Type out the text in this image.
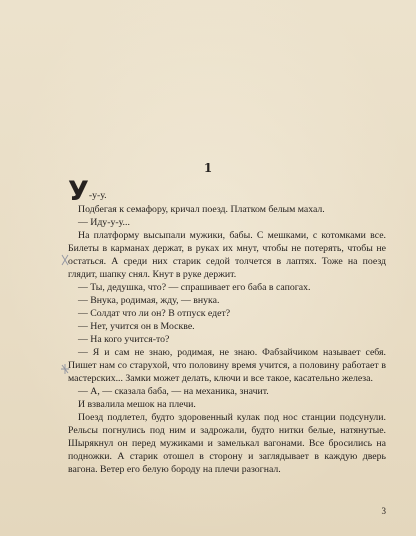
1

У -у-у.

Подбегая к семафору, кричал поезд. Платком белым махал.

— Иду-у-у...

На платформу высыпали мужики, бабы. С мешками, с котомками все. Билеты в карманах держат, в руках их мнут, чтобы не потерять, чтобы не остаться. А среди них старик седой толчется в лаптях. Тоже на поезд глядит, шапку снял. Кнут в руке держит.

— Ты, дедушка, что? — спрашивает его баба в сапогах.

— Внука, родимая, жду, — внука.

— Солдат что ли он? В отпуск едет?

— Нет, учится он в Москве.

— На кого учится-то?

— Я и сам не знаю, родимая, не знаю. Фабзайчиком называет себя. Пишет нам со старухой, что половину время учится, а половину работает в мастерских... Замки может делать, ключи и все такое, касательно железа.

— А, — сказала баба, — на механика, значит.

И взвалила мешок на плечи.

Поезд подлетел, будто здоровенный кулак под нос станции подсунули. Рельсы погнулись под ним и задрожали, будто нитки белые, натянутые. Шырякнул он перед мужиками и замелькал вагонами. Все бросились на подножки. А старик отошел в сторону и заглядывает в каждую дверь вагона. Ветер его белую бороду на плечи разогнал.

3
